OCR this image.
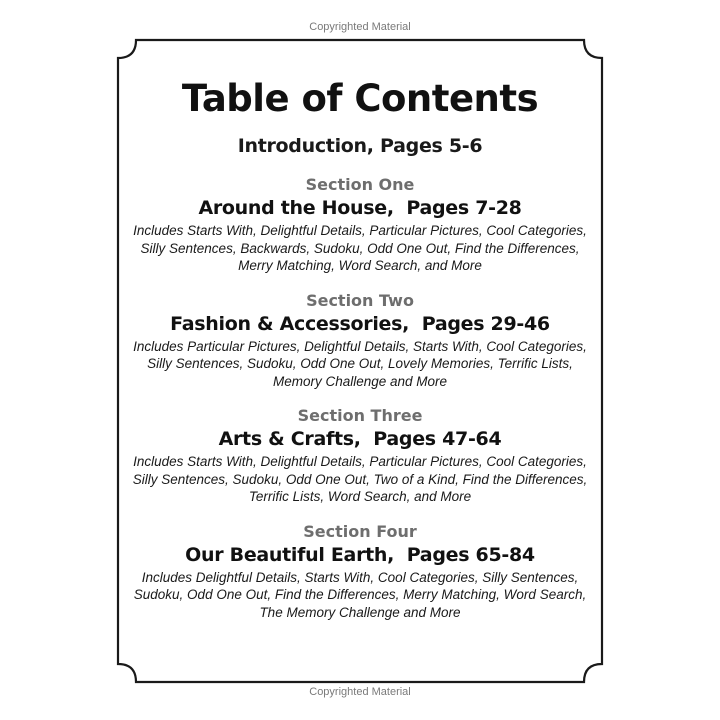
Copyrighted Material
Table of Contents
Introduction, Pages 5-6
Section One
Around the House,  Pages 7-28
Includes Starts With, Delightful Details, Particular Pictures, Cool Categories, Silly Sentences, Backwards, Sudoku, Odd One Out, Find the Differences, Merry Matching, Word Search, and More
Section Two
Fashion & Accessories,  Pages 29-46
Includes Particular Pictures, Delightful Details, Starts With, Cool Categories, Silly Sentences, Sudoku, Odd One Out, Lovely Memories, Terrific Lists, Memory Challenge and More
Section Three
Arts & Crafts,  Pages 47-64
Includes Starts With, Delightful Details, Particular Pictures, Cool Categories, Silly Sentences, Sudoku, Odd One Out, Two of a Kind, Find the Differences, Terrific Lists, Word Search, and More
Section Four
Our Beautiful Earth,  Pages 65-84
Includes Delightful Details, Starts With, Cool Categories, Silly Sentences, Sudoku, Odd One Out, Find the Differences, Merry Matching, Word Search, The Memory Challenge and More
Copyrighted Material
